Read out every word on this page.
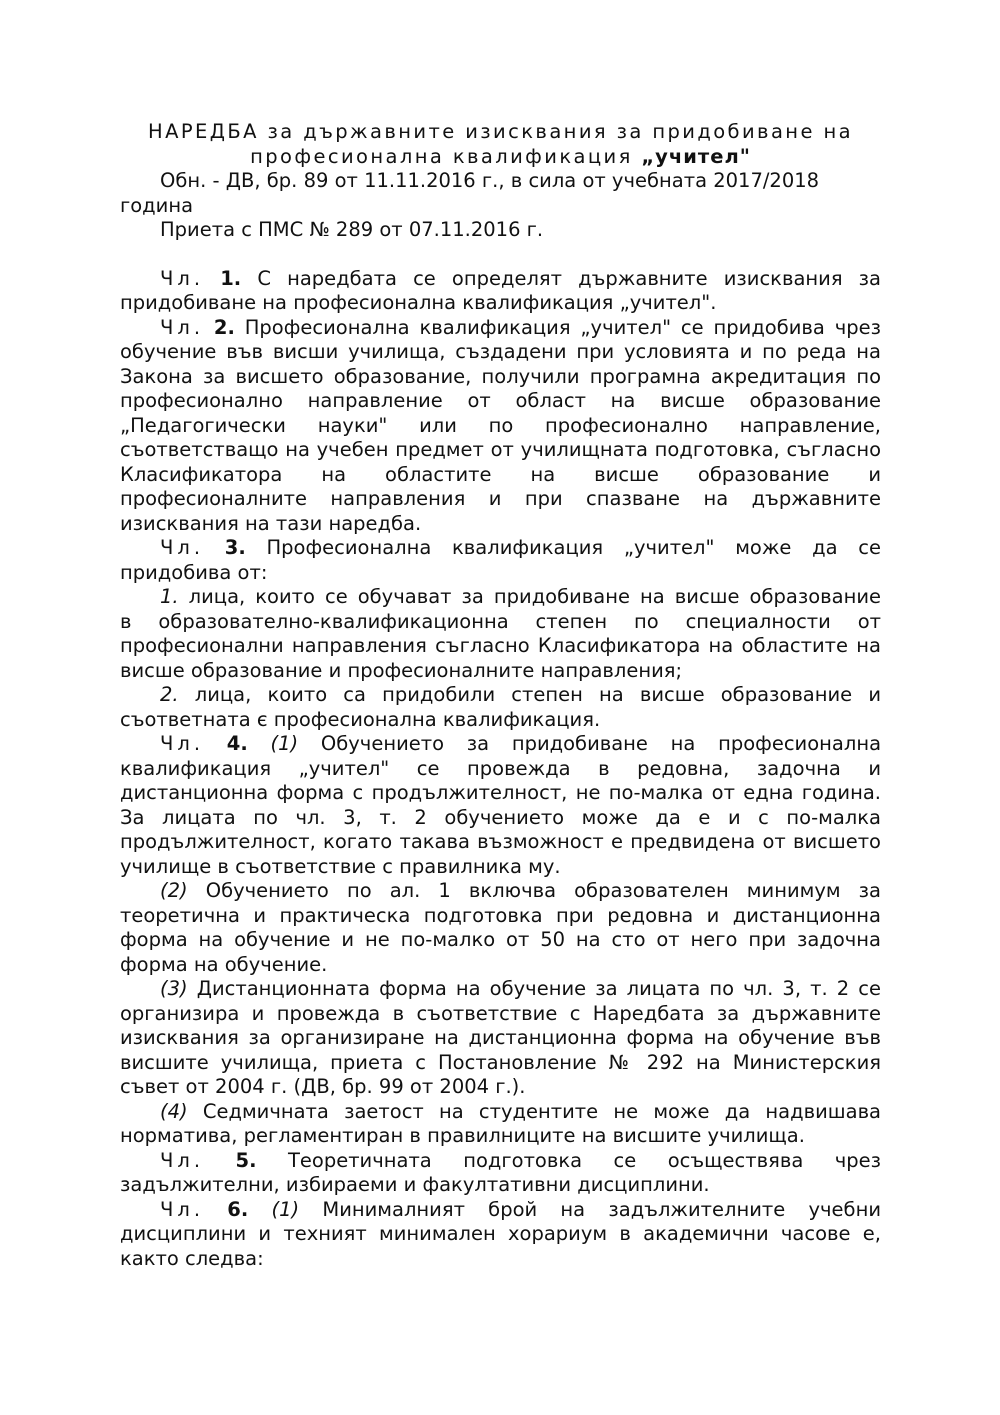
НАРЕДБА за държавните изисквания за придобиване на

професионална квалификация „учител"

Обн. - ДВ, бр. 89 от 11.11.2016 г., в сила от учебната 2017/2018

година

Приета с ПМС № 289 от 07.11.2016 г.

Чл. 1. С наредбата се определят държавните изисквания за

придобиване на професионална квалификация „учител".

Чл. 2. Професионална квалификация „учител" се придобива чрез

обучение във висши училища, създадени при условията и по реда на

Закона за висшето образование, получили програмна акредитация по

професионално направление от област на висше образование

„Педагогически науки" или по професионално направление,

съответстващо на учебен предмет от училищната подготовка, съгласно

Класификатора на областите на висше образование и

професионалните направления и при спазване на държавните

изисквания на тази наредба.

Чл. 3. Професионална квалификация „учител" може да се

придобива от:

1. лица, които се обучават за придобиване на висше образование

в образователно-квалификационна степен по специалности от

професионални направления съгласно Класификатора на областите на

висше образование и професионалните направления;

2. лица, които са придобили степен на висше образование и

съответната є професионална квалификация.

Чл. 4. (1) Обучението за придобиване на професионална

квалификация „учител" се провежда в редовна, задочна и

дистанционна форма с продължителност, не по-малка от една година.

За лицата по чл. 3, т. 2 обучението може да е и с по-малка

продължителност, когато такава възможност е предвидена от висшето

училище в съответствие с правилника му.

(2) Обучението по ал. 1 включва образователен минимум за

теоретична и практическа подготовка при редовна и дистанционна

форма на обучение и не по-малко от 50 на сто от него при задочна

форма на обучение.

(3) Дистанционната форма на обучение за лицата по чл. 3, т. 2 се

организира и провежда в съответствие с Наредбата за държавните

изисквания за организиране на дистанционна форма на обучение във

висшите училища, приета с Постановление № 292 на Министерския

съвет от 2004 г. (ДВ, бр. 99 от 2004 г.).

(4) Седмичната заетост на студентите не може да надвишава

норматива, регламентиран в правилниците на висшите училища.

Чл. 5. Теоретичната подготовка се осъществява чрез

задължителни, избираеми и факултативни дисциплини.

Чл. 6. (1) Минималният брой на задължителните учебни

дисциплини и техният минимален хорариум в академични часове е,

както следва:
